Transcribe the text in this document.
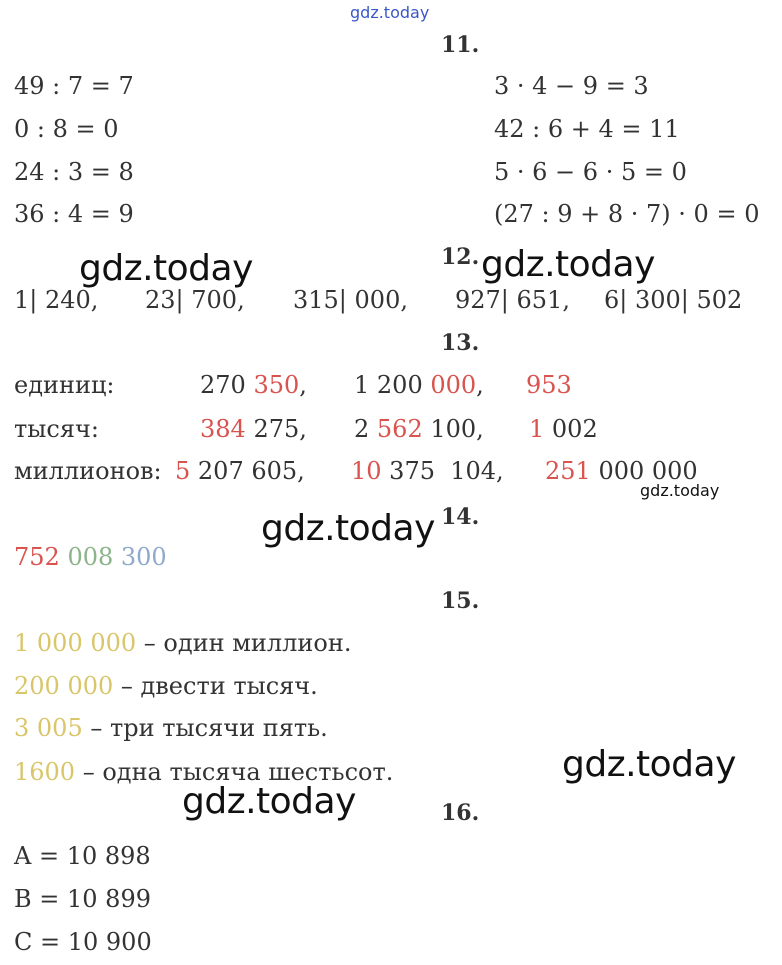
gdz.today
11.
49 : 7 = 7
0 : 8 = 0
24 : 3 = 8
36 : 4 = 9
3 · 4 − 9 = 3
42 : 6 + 4 = 11
5 · 6 − 6 · 5 = 0
(27 : 9 + 8 · 7) · 0 = 0
12.
gdz.today	gdz.today
1| 240, 23| 700, 315| 000, 927| 651, 6| 300| 502
13.
единиц:	270 350, 1 200 000, 953
тысяч:	384 275, 2 562 100, 1 002
миллионов: 5 207 605, 10 375  104, 251 000 000
gdz.today
14.
gdz.today
752 008 300
15.
1 000 000 – один миллион.
200 000 – двести тысяч.
3 005 – три тысячи пять.
1600 – одна тысяча шестьсот.	gdz.today
gdz.today	16.
A = 10 898
B = 10 899
C = 10 900
